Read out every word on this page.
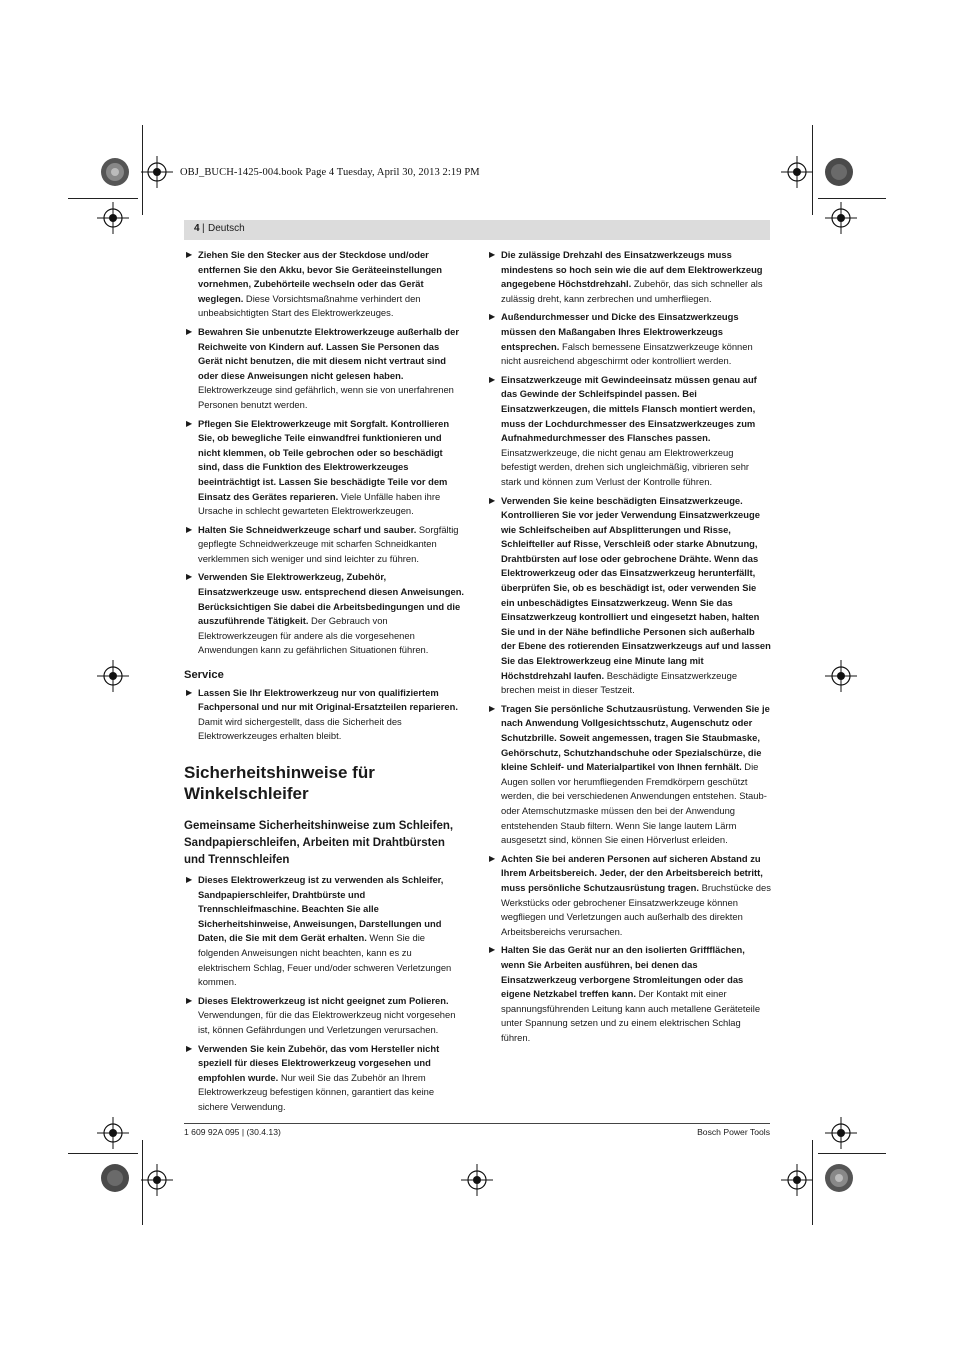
OBJ_BUCH-1425-004.book Page 4 Tuesday, April 30, 2013 2:19 PM
4 | Deutsch
▶ Ziehen Sie den Stecker aus der Steckdose und/oder entfernen Sie den Akku, bevor Sie Geräteeinstellungen vornehmen, Zubehörteile wechseln oder das Gerät weglegen. Diese Vorsichtsmaßnahme verhindert den unbeabsichtigten Start des Elektrowerkzeuges.
▶ Bewahren Sie unbenutzte Elektrowerkzeuge außerhalb der Reichweite von Kindern auf. Lassen Sie Personen das Gerät nicht benutzen, die mit diesem nicht vertraut sind oder diese Anweisungen nicht gelesen haben. Elektrowerkzeuge sind gefährlich, wenn sie von unerfahrenen Personen benutzt werden.
▶ Pflegen Sie Elektrowerkzeuge mit Sorgfalt. Kontrollieren Sie, ob bewegliche Teile einwandfrei funktionieren und nicht klemmen, ob Teile gebrochen oder so beschädigt sind, dass die Funktion des Elektrowerkzeuges beeinträchtigt ist. Lassen Sie beschädigte Teile vor dem Einsatz des Gerätes reparieren. Viele Unfälle haben ihre Ursache in schlecht gewarteten Elektrowerkzeugen.
▶ Halten Sie Schneidwerkzeuge scharf und sauber. Sorgfältig gepflegte Schneidwerkzeuge mit scharfen Schneidkanten verklemmen sich weniger und sind leichter zu führen.
▶ Verwenden Sie Elektrowerkzeug, Zubehör, Einsatzwerkzeuge usw. entsprechend diesen Anweisungen. Berücksichtigen Sie dabei die Arbeitsbedingungen und die auszuführende Tätigkeit. Der Gebrauch von Elektrowerkzeugen für andere als die vorgesehenen Anwendungen kann zu gefährlichen Situationen führen.
Service
▶ Lassen Sie Ihr Elektrowerkzeug nur von qualifiziertem Fachpersonal und nur mit Original-Ersatzteilen reparieren. Damit wird sichergestellt, dass die Sicherheit des Elektrowerkzeuges erhalten bleibt.
Sicherheitshinweise für Winkelschleifer
Gemeinsame Sicherheitshinweise zum Schleifen, Sandpapierschleifen, Arbeiten mit Drahtbürsten und Trennschleifen
▶ Dieses Elektrowerkzeug ist zu verwenden als Schleifer, Sandpapierschleifer, Drahtbürste und Trennschleifmaschine. Beachten Sie alle Sicherheitshinweise, Anweisungen, Darstellungen und Daten, die Sie mit dem Gerät erhalten. Wenn Sie die folgenden Anweisungen nicht beachten, kann es zu elektrischem Schlag, Feuer und/oder schweren Verletzungen kommen.
▶ Dieses Elektrowerkzeug ist nicht geeignet zum Polieren. Verwendungen, für die das Elektrowerkzeug nicht vorgesehen ist, können Gefährdungen und Verletzungen verursachen.
▶ Verwenden Sie kein Zubehör, das vom Hersteller nicht speziell für dieses Elektrowerkzeug vorgesehen und empfohlen wurde. Nur weil Sie das Zubehör an Ihrem Elektrowerkzeug befestigen können, garantiert das keine sichere Verwendung.
▶ Die zulässige Drehzahl des Einsatzwerkzeugs muss mindestens so hoch sein wie die auf dem Elektrowerkzeug angegebene Höchstdrehzahl. Zubehör, das sich schneller als zulässig dreht, kann zerbrechen und umherfliegen.
▶ Außendurchmesser und Dicke des Einsatzwerkzeugs müssen den Maßangaben Ihres Elektrowerkzeugs entsprechen. Falsch bemessene Einsatzwerkzeuge können nicht ausreichend abgeschirmt oder kontrolliert werden.
▶ Einsatzwerkzeuge mit Gewindeeinsatz müssen genau auf das Gewinde der Schleifspindel passen. Bei Einsatzwerkzeugen, die mittels Flansch montiert werden, muss der Lochdurchmesser des Einsatzwerkzeuges zum Aufnahmedurchmesser des Flansches passen. Einsatzwerkzeuge, die nicht genau am Elektrowerkzeug befestigt werden, drehen sich ungleichmäßig, vibrieren sehr stark und können zum Verlust der Kontrolle führen.
▶ Verwenden Sie keine beschädigten Einsatzwerkzeuge. Kontrollieren Sie vor jeder Verwendung Einsatzwerkzeuge wie Schleifscheiben auf Absplitterungen und Risse, Schleifteller auf Risse, Verschleiß oder starke Abnutzung, Drahtbürsten auf lose oder gebrochene Drähte. Wenn das Elektrowerkzeug oder das Einsatzwerkzeug herunterfällt, überprüfen Sie, ob es beschädigt ist, oder verwenden Sie ein unbeschädigtes Einsatzwerkzeug. Wenn Sie das Einsatzwerkzeug kontrolliert und eingesetzt haben, halten Sie und in der Nähe befindliche Personen sich außerhalb der Ebene des rotierenden Einsatzwerkzeugs auf und lassen Sie das Elektrowerkzeug eine Minute lang mit Höchstdrehzahl laufen. Beschädigte Einsatzwerkzeuge brechen meist in dieser Testzeit.
▶ Tragen Sie persönliche Schutzausrüstung. Verwenden Sie je nach Anwendung Vollgesichtsschutz, Augenschutz oder Schutzbrille. Soweit angemessen, tragen Sie Staubmaske, Gehörschutz, Schutzhandschuhe oder Spezialschürze, die kleine Schleif- und Materialpartikel von Ihnen fernhält. Die Augen sollen vor herumfliegenden Fremdkörpern geschützt werden, die bei verschiedenen Anwendungen entstehen. Staub- oder Atemschutzmaske müssen den bei der Anwendung entstehenden Staub filtern. Wenn Sie lange lautem Lärm ausgesetzt sind, können Sie einen Hörverlust erleiden.
▶ Achten Sie bei anderen Personen auf sicheren Abstand zu Ihrem Arbeitsbereich. Jeder, der den Arbeitsbereich betritt, muss persönliche Schutzausrüstung tragen. Bruchstücke des Werkstücks oder gebrochener Einsatzwerkzeuge können wegfliegen und Verletzungen auch außerhalb des direkten Arbeitsbereichs verursachen.
▶ Halten Sie das Gerät nur an den isolierten Griffflächen, wenn Sie Arbeiten ausführen, bei denen das Einsatzwerkzeug verborgene Stromleitungen oder das eigene Netzkabel treffen kann. Der Kontakt mit einer spannungsführenden Leitung kann auch metallene Geräteteile unter Spannung setzen und zu einem elektrischen Schlag führen.
1 609 92A 095 | (30.4.13)	Bosch Power Tools
